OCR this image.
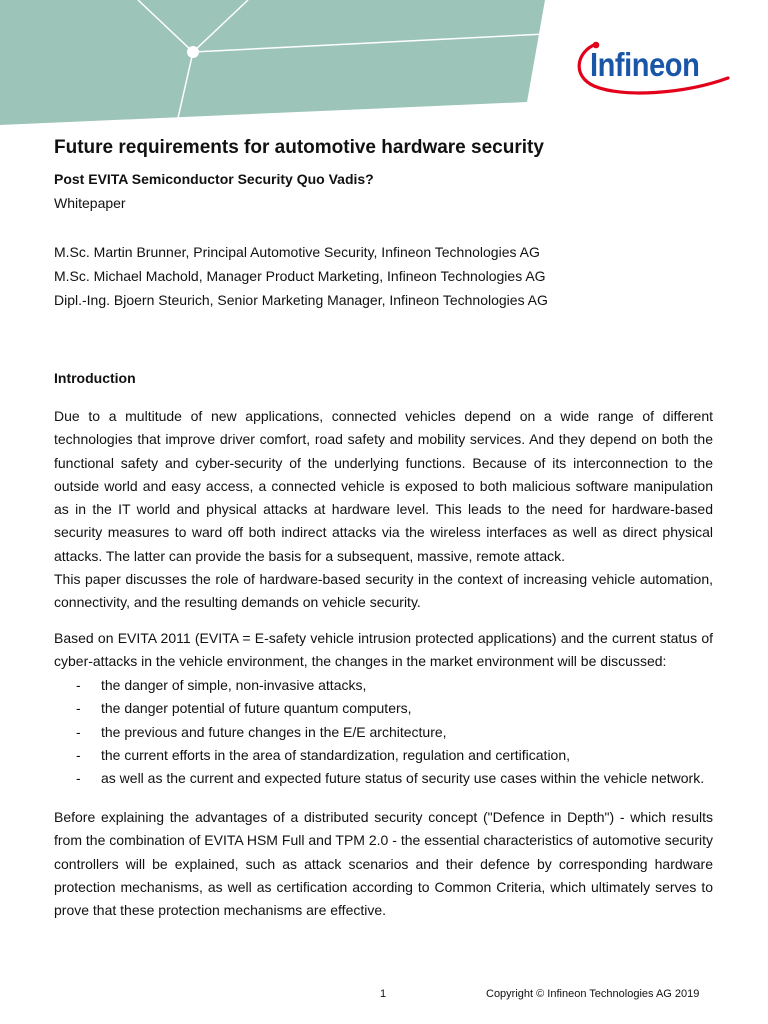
Infineon
Future requirements for automotive hardware security
Post EVITA Semiconductor Security Quo Vadis?
Whitepaper
M.Sc. Martin Brunner, Principal Automotive Security, Infineon Technologies AG
M.Sc. Michael Machold, Manager Product Marketing, Infineon Technologies AG
Dipl.-Ing. Bjoern Steurich, Senior Marketing Manager, Infineon Technologies AG
Introduction

Due to a multitude of new applications, connected vehicles depend on a wide range of different technologies that improve driver comfort, road safety and mobility services. And they depend on both the functional safety and cyber-security of the underlying functions. Because of its interconnection to the outside world and easy access, a connected vehicle is exposed to both malicious software manipulation as in the IT world and physical attacks at hardware level. This leads to the need for hardware-based security measures to ward off both indirect attacks via the wireless interfaces as well as direct physical attacks. The latter can provide the basis for a subsequent, massive, remote attack.

This paper discusses the role of hardware-based security in the context of increasing vehicle automation, connectivity, and the resulting demands on vehicle security.

Based on EVITA 2011 (EVITA = E-safety vehicle intrusion protected applications) and the current status of cyber-attacks in the vehicle environment, the changes in the market environment will be discussed:

- the danger of simple, non-invasive attacks,
- the danger potential of future quantum computers,
- the previous and future changes in the E/E architecture,
- the current efforts in the area of standardization, regulation and certification,
- as well as the current and expected future status of security use cases within the vehicle network.

Before explaining the advantages of a distributed security concept ("Defence in Depth") - which results from the combination of EVITA HSM Full and TPM 2.0 - the essential characteristics of automotive security controllers will be explained, such as attack scenarios and their defence by corresponding hardware protection mechanisms, as well as certification according to Common Criteria, which ultimately serves to prove that these protection mechanisms are effective.

1	Copyright © Infineon Technologies AG 2019
